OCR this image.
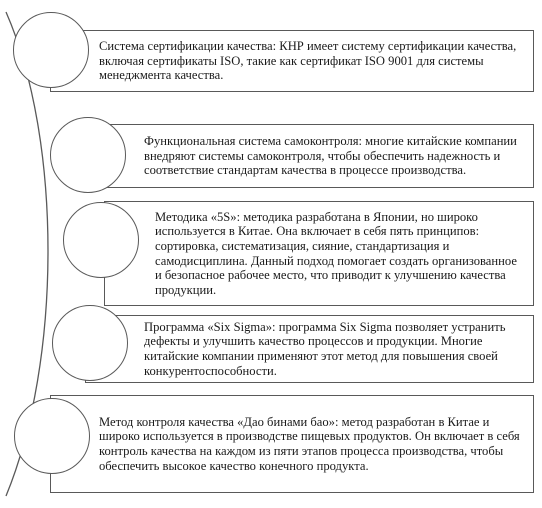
Система сертификации качества: КНР имеет систему сертификации качества, включая сертификаты ISO, такие как сертификат ISO 9001 для системы менеджмента качества.
Функциональная система самоконтроля: многие китайские компании внедряют системы самоконтроля, чтобы обеспечить надежность и соответствие стандартам качества в процессе производства.
Методика «5S»: методика разработана в Японии, но широко используется в Китае. Она включает в себя пять принципов: сортировка, систематизация, сияние, стандартизация и самодисциплина. Данный подход помогает создать организованное и безопасное рабочее место, что приводит к улучшению качества продукции.
Программа «Six Sigma»: программа Six Sigma позволяет устранить дефекты и улучшить качество процессов и продукции. Многие китайские компании применяют этот метод для повышения своей конкурентоспособности.
Метод контроля качества «Дао бинами бао»: метод разработан в Китае и широко используется в производстве пищевых продуктов. Он включает в себя контроль качества на каждом из пяти этапов процесса производства, чтобы обеспечить высокое качество конечного продукта.
